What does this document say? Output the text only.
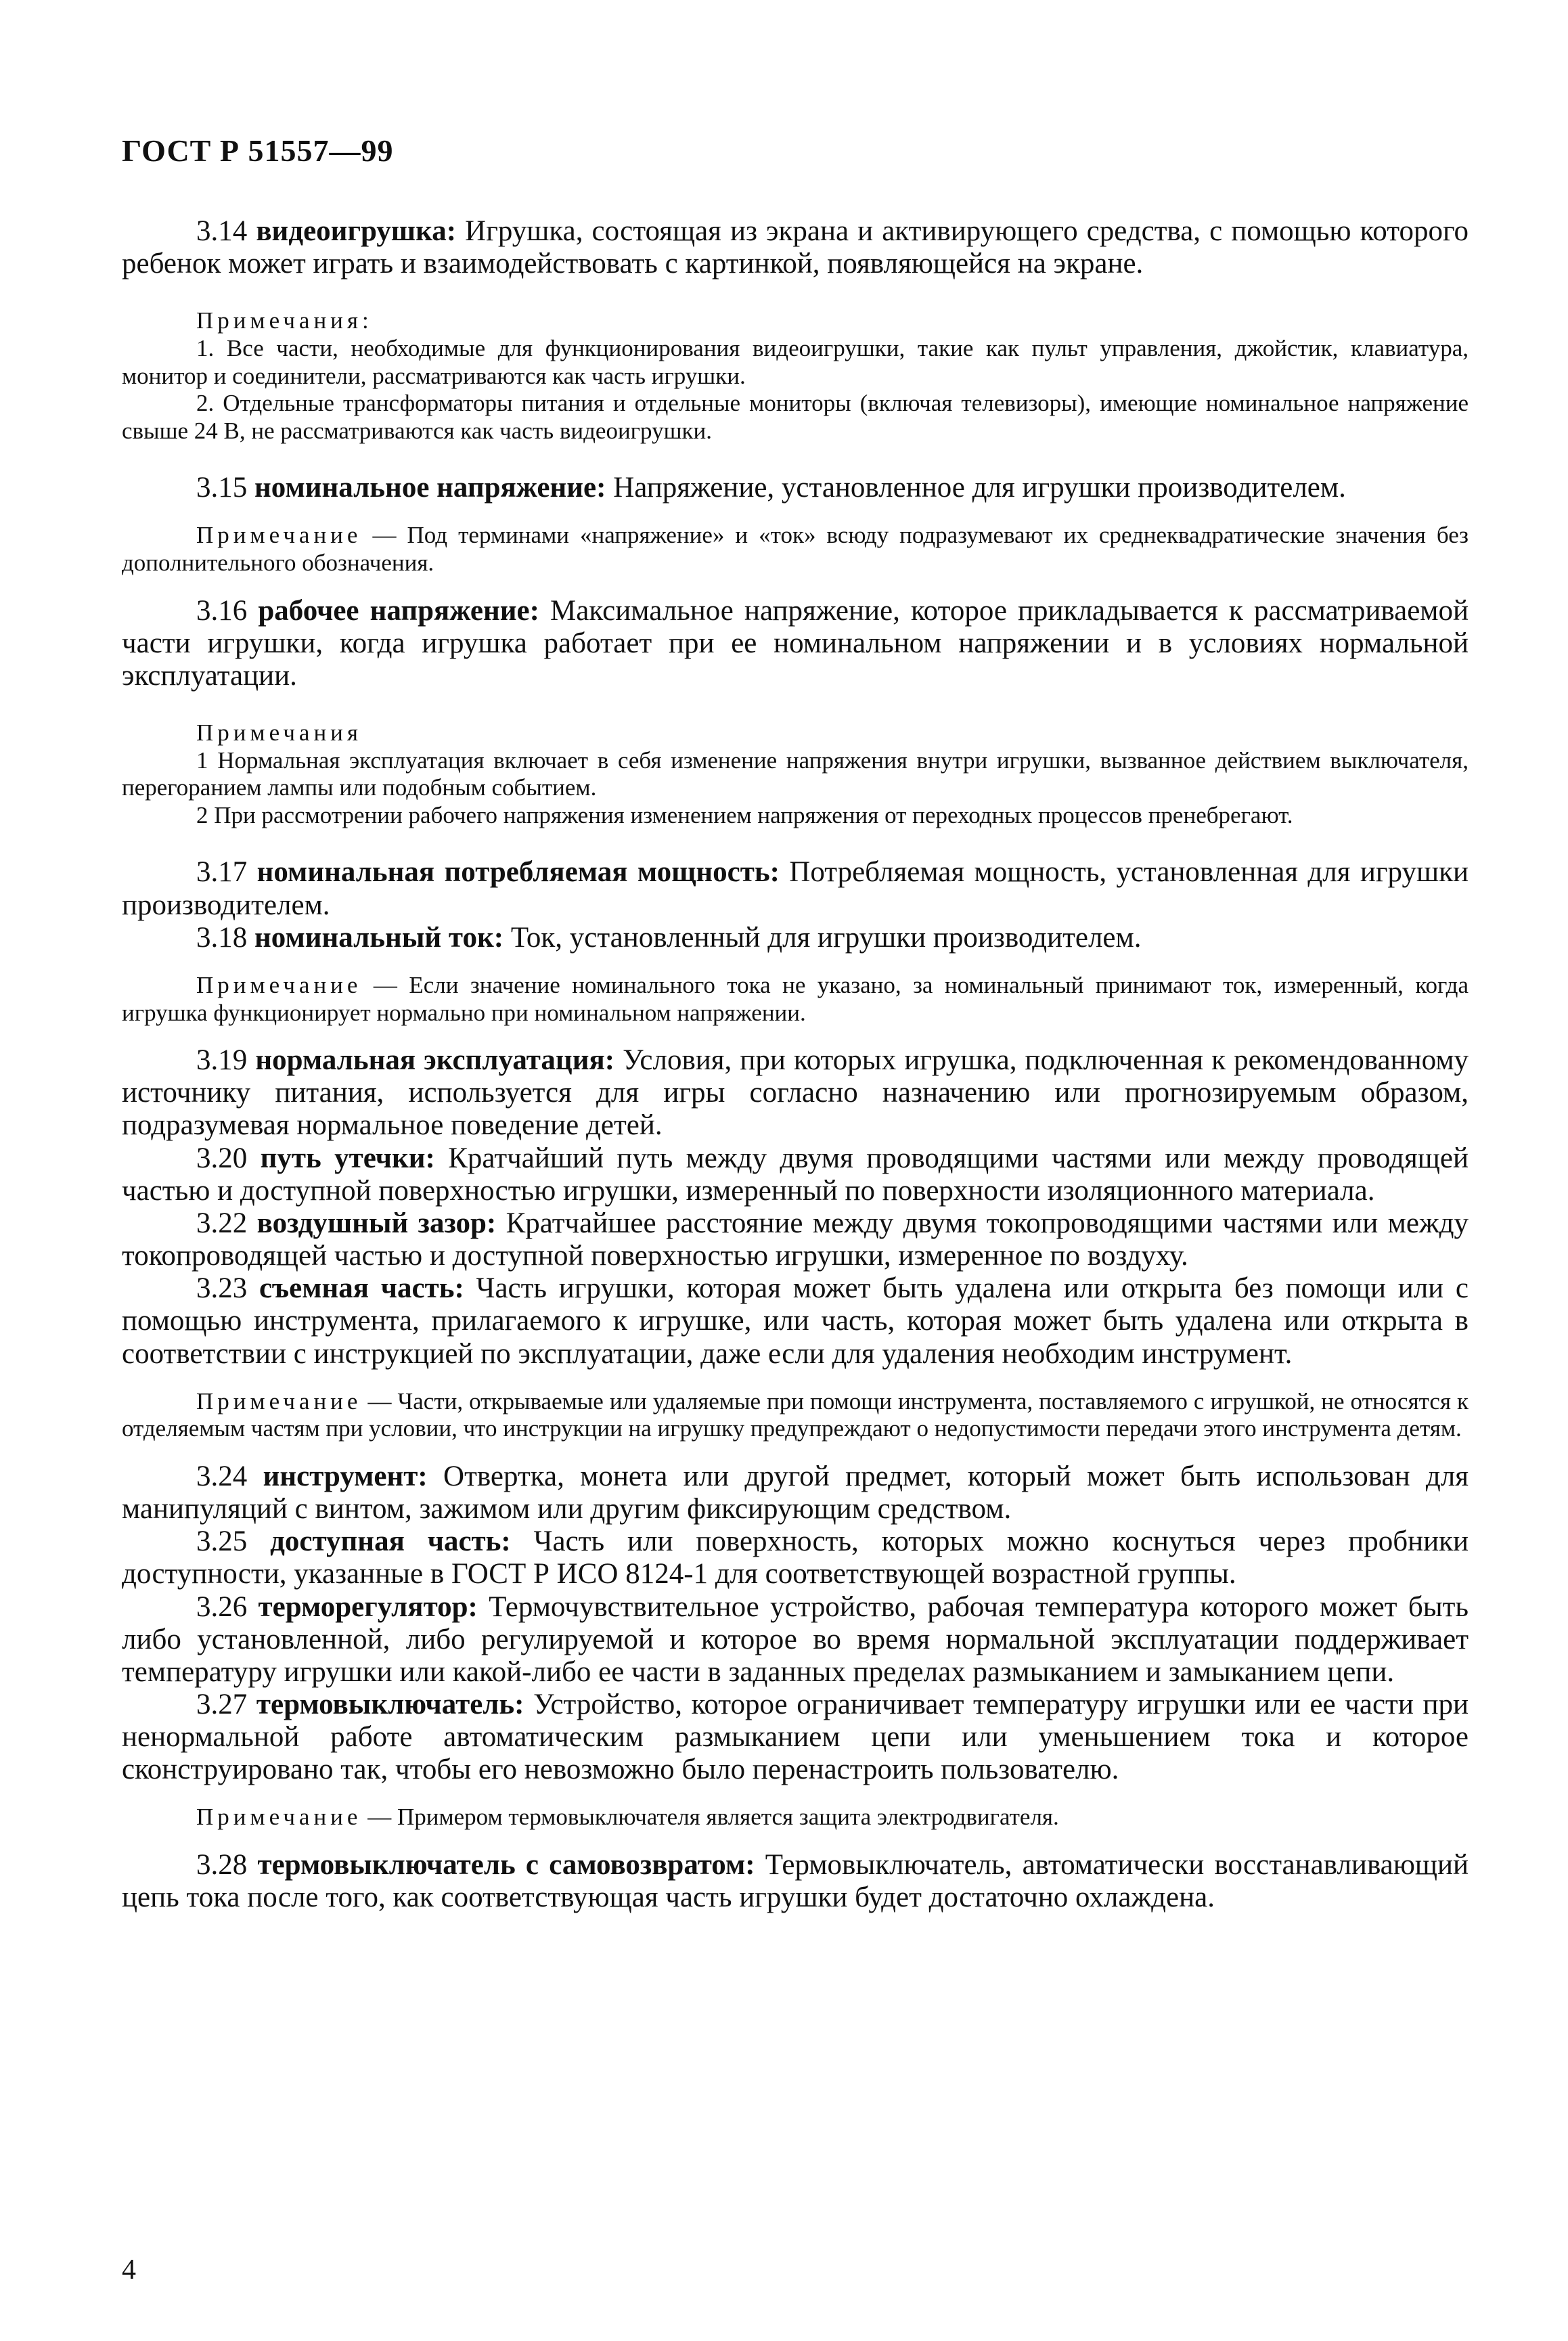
ГОСТ Р 51557—99

3.14 видеоигрушка: Игрушка, состоящая из экрана и активирующего средства, с помощью которого ребенок может играть и взаимодействовать с картинкой, появляющейся на экране.

Примечания:

1. Все части, необходимые для функционирования видеоигрушки, такие как пульт управления, джойстик, клавиатура, монитор и соединители, рассматриваются как часть игрушки.

2. Отдельные трансформаторы питания и отдельные мониторы (включая телевизоры), имеющие номинальное напряжение свыше 24 В, не рассматриваются как часть видеоигрушки.

3.15 номинальное напряжение: Напряжение, установленное для игрушки производителем.

Примечание — Под терминами «напряжение» и «ток» всюду подразумевают их среднеквадратические значения без дополнительного обозначения.

3.16 рабочее напряжение: Максимальное напряжение, которое прикладывается к рассматриваемой части игрушки, когда игрушка работает при ее номинальном напряжении и в условиях нормальной эксплуатации.

Примечания

1 Нормальная эксплуатация включает в себя изменение напряжения внутри игрушки, вызванное действием выключателя, перегоранием лампы или подобным событием.

2 При рассмотрении рабочего напряжения изменением напряжения от переходных процессов пренебрегают.

3.17 номинальная потребляемая мощность: Потребляемая мощность, установленная для игрушки производителем.

3.18 номинальный ток: Ток, установленный для игрушки производителем.

Примечание — Если значение номинального тока не указано, за номинальный принимают ток, измеренный, когда игрушка функционирует нормально при номинальном напряжении.

3.19 нормальная эксплуатация: Условия, при которых игрушка, подключенная к рекомендованному источнику питания, используется для игры согласно назначению или прогнозируемым образом, подразумевая нормальное поведение детей.

3.20 путь утечки: Кратчайший путь между двумя проводящими частями или между проводящей частью и доступной поверхностью игрушки, измеренный по поверхности изоляционного материала.

3.22 воздушный зазор: Кратчайшее расстояние между двумя токопроводящими частями или между токопроводящей частью и доступной поверхностью игрушки, измеренное по воздуху.

3.23 съемная часть: Часть игрушки, которая может быть удалена или открыта без помощи или с помощью инструмента, прилагаемого к игрушке, или часть, которая может быть удалена или открыта в соответствии с инструкцией по эксплуатации, даже если для удаления необходим инструмент.

Примечание — Части, открываемые или удаляемые при помощи инструмента, поставляемого с игрушкой, не относятся к отделяемым частям при условии, что инструкции на игрушку предупреждают о недопустимости передачи этого инструмента детям.

3.24 инструмент: Отвертка, монета или другой предмет, который может быть использован для манипуляций с винтом, зажимом или другим фиксирующим средством.

3.25 доступная часть: Часть или поверхность, которых можно коснуться через пробники доступности, указанные в ГОСТ Р ИСО 8124-1 для соответствующей возрастной группы.

3.26 терморегулятор: Термочувствительное устройство, рабочая температура которого может быть либо установленной, либо регулируемой и которое во время нормальной эксплуатации поддерживает температуру игрушки или какой-либо ее части в заданных пределах размыканием и замыканием цепи.

3.27 термовыключатель: Устройство, которое ограничивает температуру игрушки или ее части при ненормальной работе автоматическим размыканием цепи или уменьшением тока и которое сконструировано так, чтобы его невозможно было перенастроить пользователю.

Примечание — Примером термовыключателя является защита электродвигателя.

3.28 термовыключатель с самовозвратом: Термовыключатель, автоматически восстанавливающий цепь тока после того, как соответствующая часть игрушки будет достаточно охлаждена.

4
